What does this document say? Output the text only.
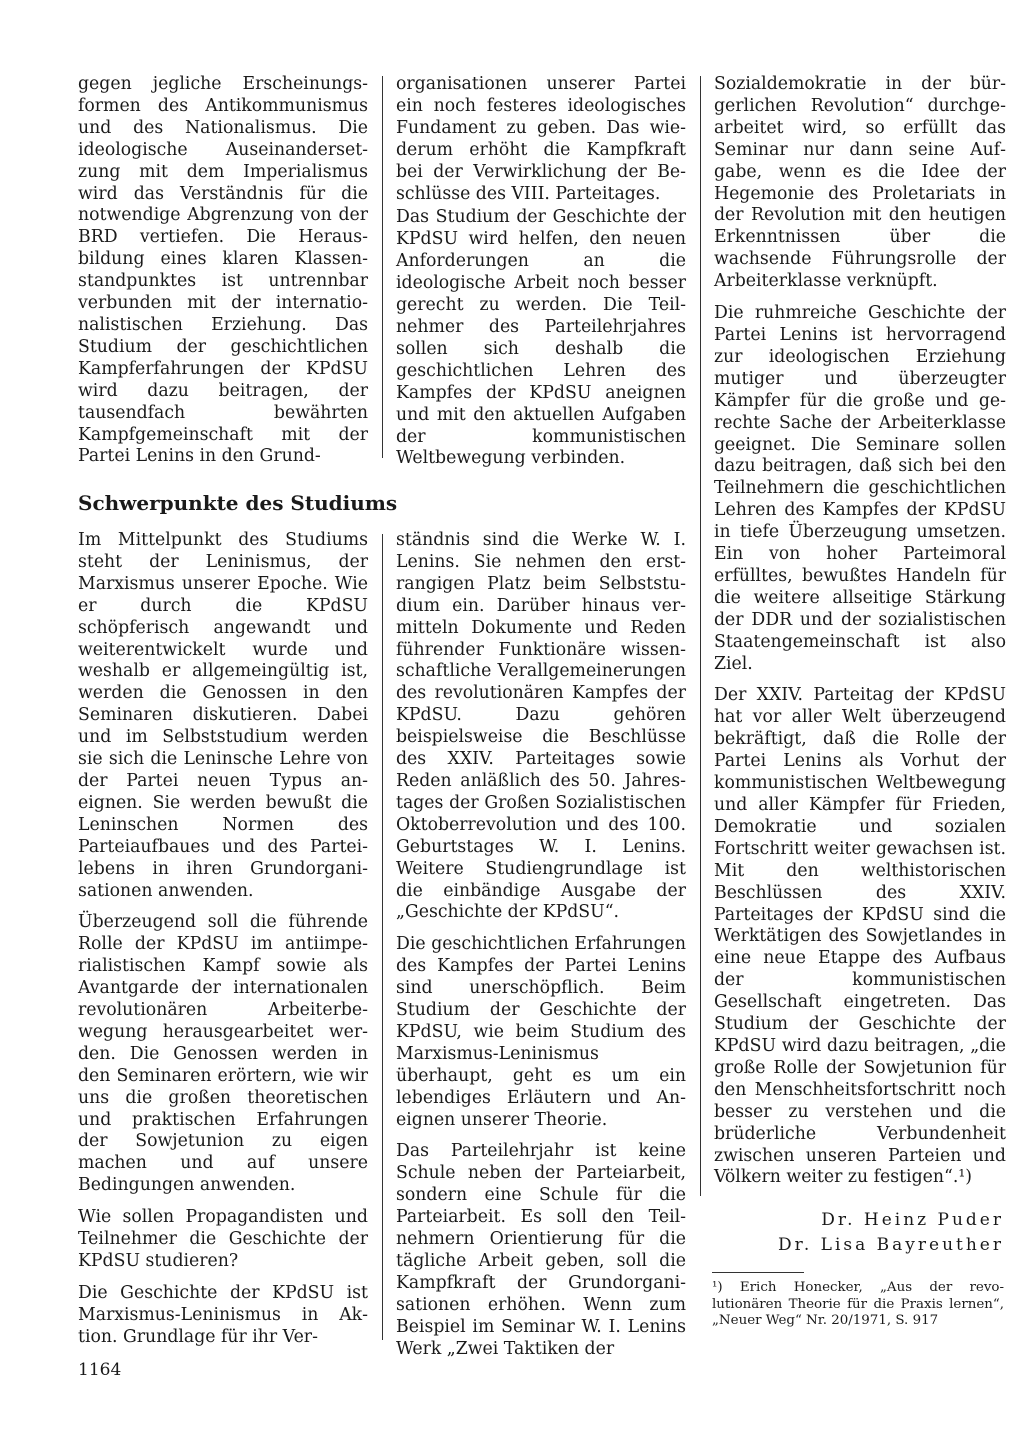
gegen jegliche Erscheinungsformen des Antikommunismus und des Nationalismus. Die ideologische Auseinandersetzung mit dem Imperialismus wird das Verständnis für die notwendige Abgrenzung von der BRD vertiefen. Die Herausbildung eines klaren Klassenstandpunktes ist untrennbar verbunden mit der internationalistischen Erziehung. Das Studium der geschichtlichen Kampferfahrungen der KPdSU wird dazu beitragen, der tausendfach bewährten Kampfgemeinschaft mit der Partei Lenins in den Grund-

organisationen unserer Partei ein noch festeres ideologisches Fundament zu geben. Das wiederum erhöht die Kampfkraft bei der Verwirklichung der Beschlüsse des VIII. Parteitages.

Das Studium der Geschichte der KPdSU wird helfen, den neuen Anforderungen an die ideologische Arbeit noch besser gerecht zu werden. Die Teilnehmer des Parteilehrjahres sollen sich deshalb die geschichtlichen Lehren des Kampfes der KPdSU aneignen und mit den aktuellen Aufgaben der kommunistischen Weltbewegung verbinden.

Schwerpunkte des Studiums

Im Mittelpunkt des Studiums steht der Leninismus, der Marxismus unserer Epoche. Wie er durch die KPdSU schöpferisch angewandt und weiterentwickelt wurde und weshalb er allgemeingültig ist, werden die Genossen in den Seminaren diskutieren. Dabei und im Selbststudium werden sie sich die Leninsche Lehre von der Partei neuen Typus aneignen. Sie werden bewußt die Leninschen Normen des Parteiaufbaues und des Parteilebens in ihren Grundorganisationen anwenden.

Überzeugend soll die führende Rolle der KPdSU im antiimperialistischen Kampf sowie als Avantgarde der internationalen revolutionären Arbeiterbewegung herausgearbeitet werden. Die Genossen werden in den Seminaren erörtern, wie wir uns die großen theoretischen und praktischen Erfahrungen der Sowjetunion zu eigen machen und auf unsere Bedingungen anwenden.

Wie sollen Propagandisten und Teilnehmer die Geschichte der KPdSU studieren?

Die Geschichte der KPdSU ist Marxismus-Leninismus in Aktion. Grundlage für ihr Ver-

ständnis sind die Werke W. I. Lenins. Sie nehmen den erstrangigen Platz beim Selbststudium ein. Darüber hinaus vermitteln Dokumente und Reden führender Funktionäre wissenschaftliche Verallgemeinerungen des revolutionären Kampfes der KPdSU. Dazu gehören beispielsweise die Beschlüsse des XXIV. Parteitages sowie Reden anläßlich des 50. Jahrestages der Großen Sozialistischen Oktoberrevolution und des 100. Geburtstages W. I. Lenins. Weitere Studiengrundlage ist die einbändige Ausgabe der „Geschichte der KPdSU“.

Die geschichtlichen Erfahrungen des Kampfes der Partei Lenins sind unerschöpflich. Beim Studium der Geschichte der KPdSU, wie beim Studium des Marxismus-Leninismus überhaupt, geht es um ein lebendiges Erläutern und Aneignen unserer Theorie.

Das Parteilehrjahr ist keine Schule neben der Parteiarbeit, sondern eine Schule für die Parteiarbeit. Es soll den Teilnehmern Orientierung für die tägliche Arbeit geben, soll die Kampfkraft der Grundorganisationen erhöhen. Wenn zum Beispiel im Seminar W. I. Lenins Werk „Zwei Taktiken der

Sozialdemokratie in der bürgerlichen Revolution“ durchgearbeitet wird, so erfüllt das Seminar nur dann seine Aufgabe, wenn es die Idee der Hegemonie des Proletariats in der Revolution mit den heutigen Erkenntnissen über die wachsende Führungsrolle der Arbeiterklasse verknüpft.

Die ruhmreiche Geschichte der Partei Lenins ist hervorragend zur ideologischen Erziehung mutiger und überzeugter Kämpfer für die große und gerechte Sache der Arbeiterklasse geeignet. Die Seminare sollen dazu beitragen, daß sich bei den Teilnehmern die geschichtlichen Lehren des Kampfes der KPdSU in tiefe Überzeugung umsetzen. Ein von hoher Parteimoral erfülltes, bewußtes Handeln für die weitere allseitige Stärkung der DDR und der sozialistischen Staatengemeinschaft ist also Ziel.

Der XXIV. Parteitag der KPdSU hat vor aller Welt überzeugend bekräftigt, daß die Rolle der Partei Lenins als Vorhut der kommunistischen Weltbewegung und aller Kämpfer für Frieden, Demokratie und sozialen Fortschritt weiter gewachsen ist. Mit den welthistorischen Beschlüssen des XXIV. Parteitages der KPdSU sind die Werktätigen des Sowjetlandes in eine neue Etappe des Aufbaus der kommunistischen Gesellschaft eingetreten. Das Studium der Geschichte der KPdSU wird dazu beitragen, „die große Rolle der Sowjetunion für den Menschheitsfortschritt noch besser zu verstehen und die brüderliche Verbundenheit zwischen unseren Parteien und Völkern weiter zu festigen“.¹)

Dr. Heinz Puder
Dr. Lisa Bayreuther
¹) Erich Honecker, „Aus der revolutionären Theorie für die Praxis lernen“, „Neuer Weg“ Nr. 20/1971, S. 917
1164
